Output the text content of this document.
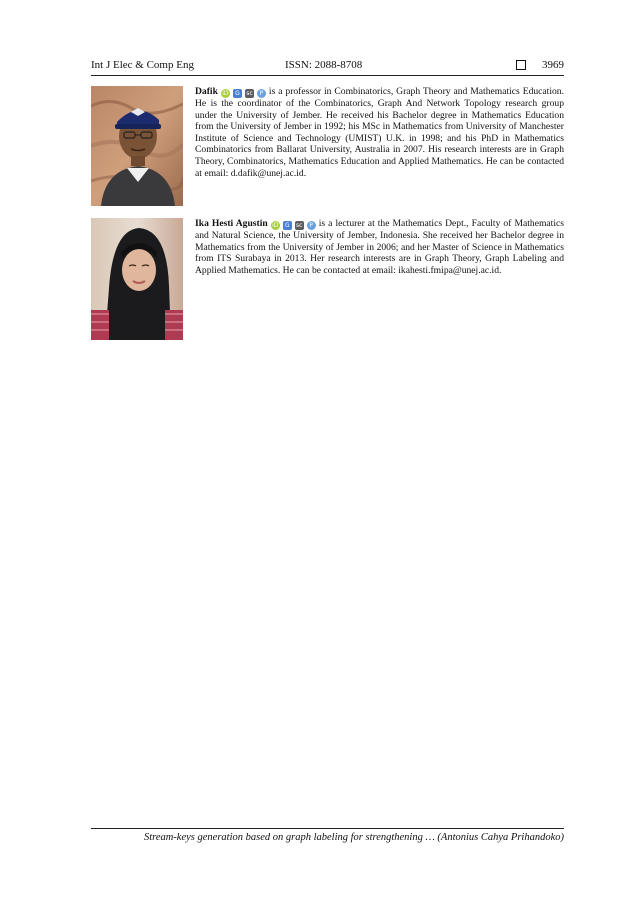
Int J Elec & Comp Eng	ISSN: 2088-8708	3969
Dafik iD	G	sc	P is a professor in Combinatorics, Graph Theory and Mathematics Education. He is the coordinator of the Combinatorics, Graph And Network Topology research group under the University of Jember. He received his Bachelor degree in Mathematics Education from the University of Jember in 1992; his MSc in Mathematics from University of Manchester Institute of Science and Technology (UMIST) U.K. in 1998; and his PhD in Mathematics Combinatorics from Ballarat University, Australia in 2007. His research interests are in Graph Theory, Combinatorics, Mathematics Education and Applied Mathematics. He can be contacted at email: d.dafik@unej.ac.id.
Ika Hesti Agustin iD	G	sc	P is a lecturer at the Mathematics Dept., Faculty of Mathematics and Natural Science, the University of Jember, Indonesia. She received her Bachelor degree in Mathematics from the University of Jember in 2006; and her Master of Science in Mathematics from ITS Surabaya in 2013. Her research interests are in Graph Theory, Graph Labeling and Applied Mathematics. He can be contacted at email: ikahesti.fmipa@unej.ac.id.
Stream-keys generation based on graph labeling for strengthening … (Antonius Cahya Prihandoko)
